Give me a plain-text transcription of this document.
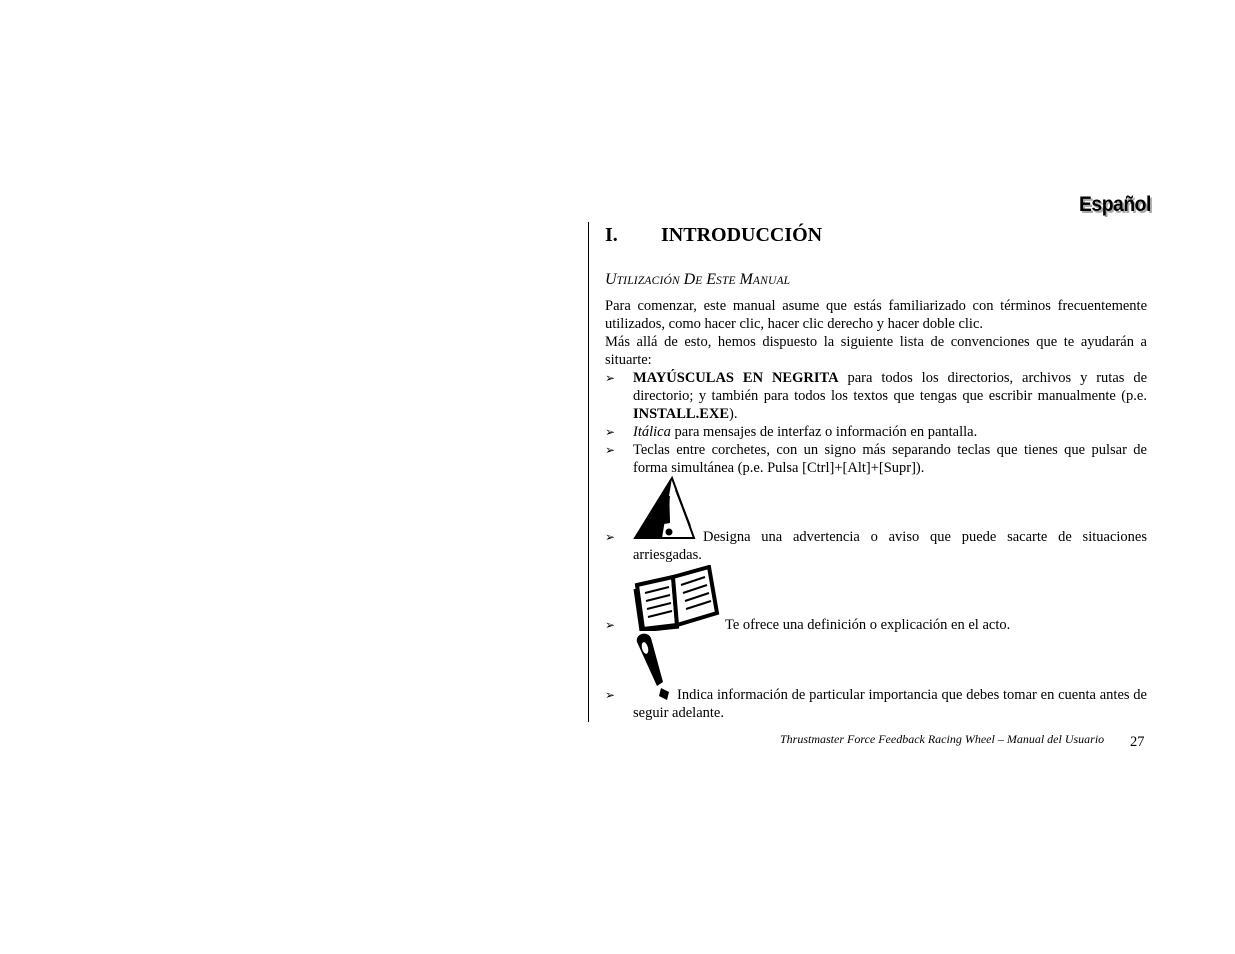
Español
I. INTRODUCCIÓN
UTILIZACIÓN DE ESTE MANUAL
Para comenzar, este manual asume que estás familiarizado con términos frecuentemente utilizados, como hacer clic, hacer clic derecho y hacer doble clic.
Más allá de esto, hemos dispuesto la siguiente lista de convenciones que te ayudarán a situarte:
➢ MAYÚSCULAS EN NEGRITA para todos los directorios, archivos y rutas de directorio; y también para todos los textos que tengas que escribir manualmente (p.e. INSTALL.EXE).
➢ Itálica para mensajes de interfaz o información en pantalla.
➢ Teclas entre corchetes, con un signo más separando teclas que tienes que pulsar de forma simultánea (p.e. Pulsa [Ctrl]+[Alt]+[Supr]).
➢	Designa una advertencia o aviso que puede sacarte de situaciones arriesgadas.
➢	Te ofrece una definición o explicación en el acto.
➢	Indica información de particular importancia que debes tomar en cuenta antes de seguir adelante.
Thrustmaster Force Feedback Racing Wheel – Manual del Usuario 27
